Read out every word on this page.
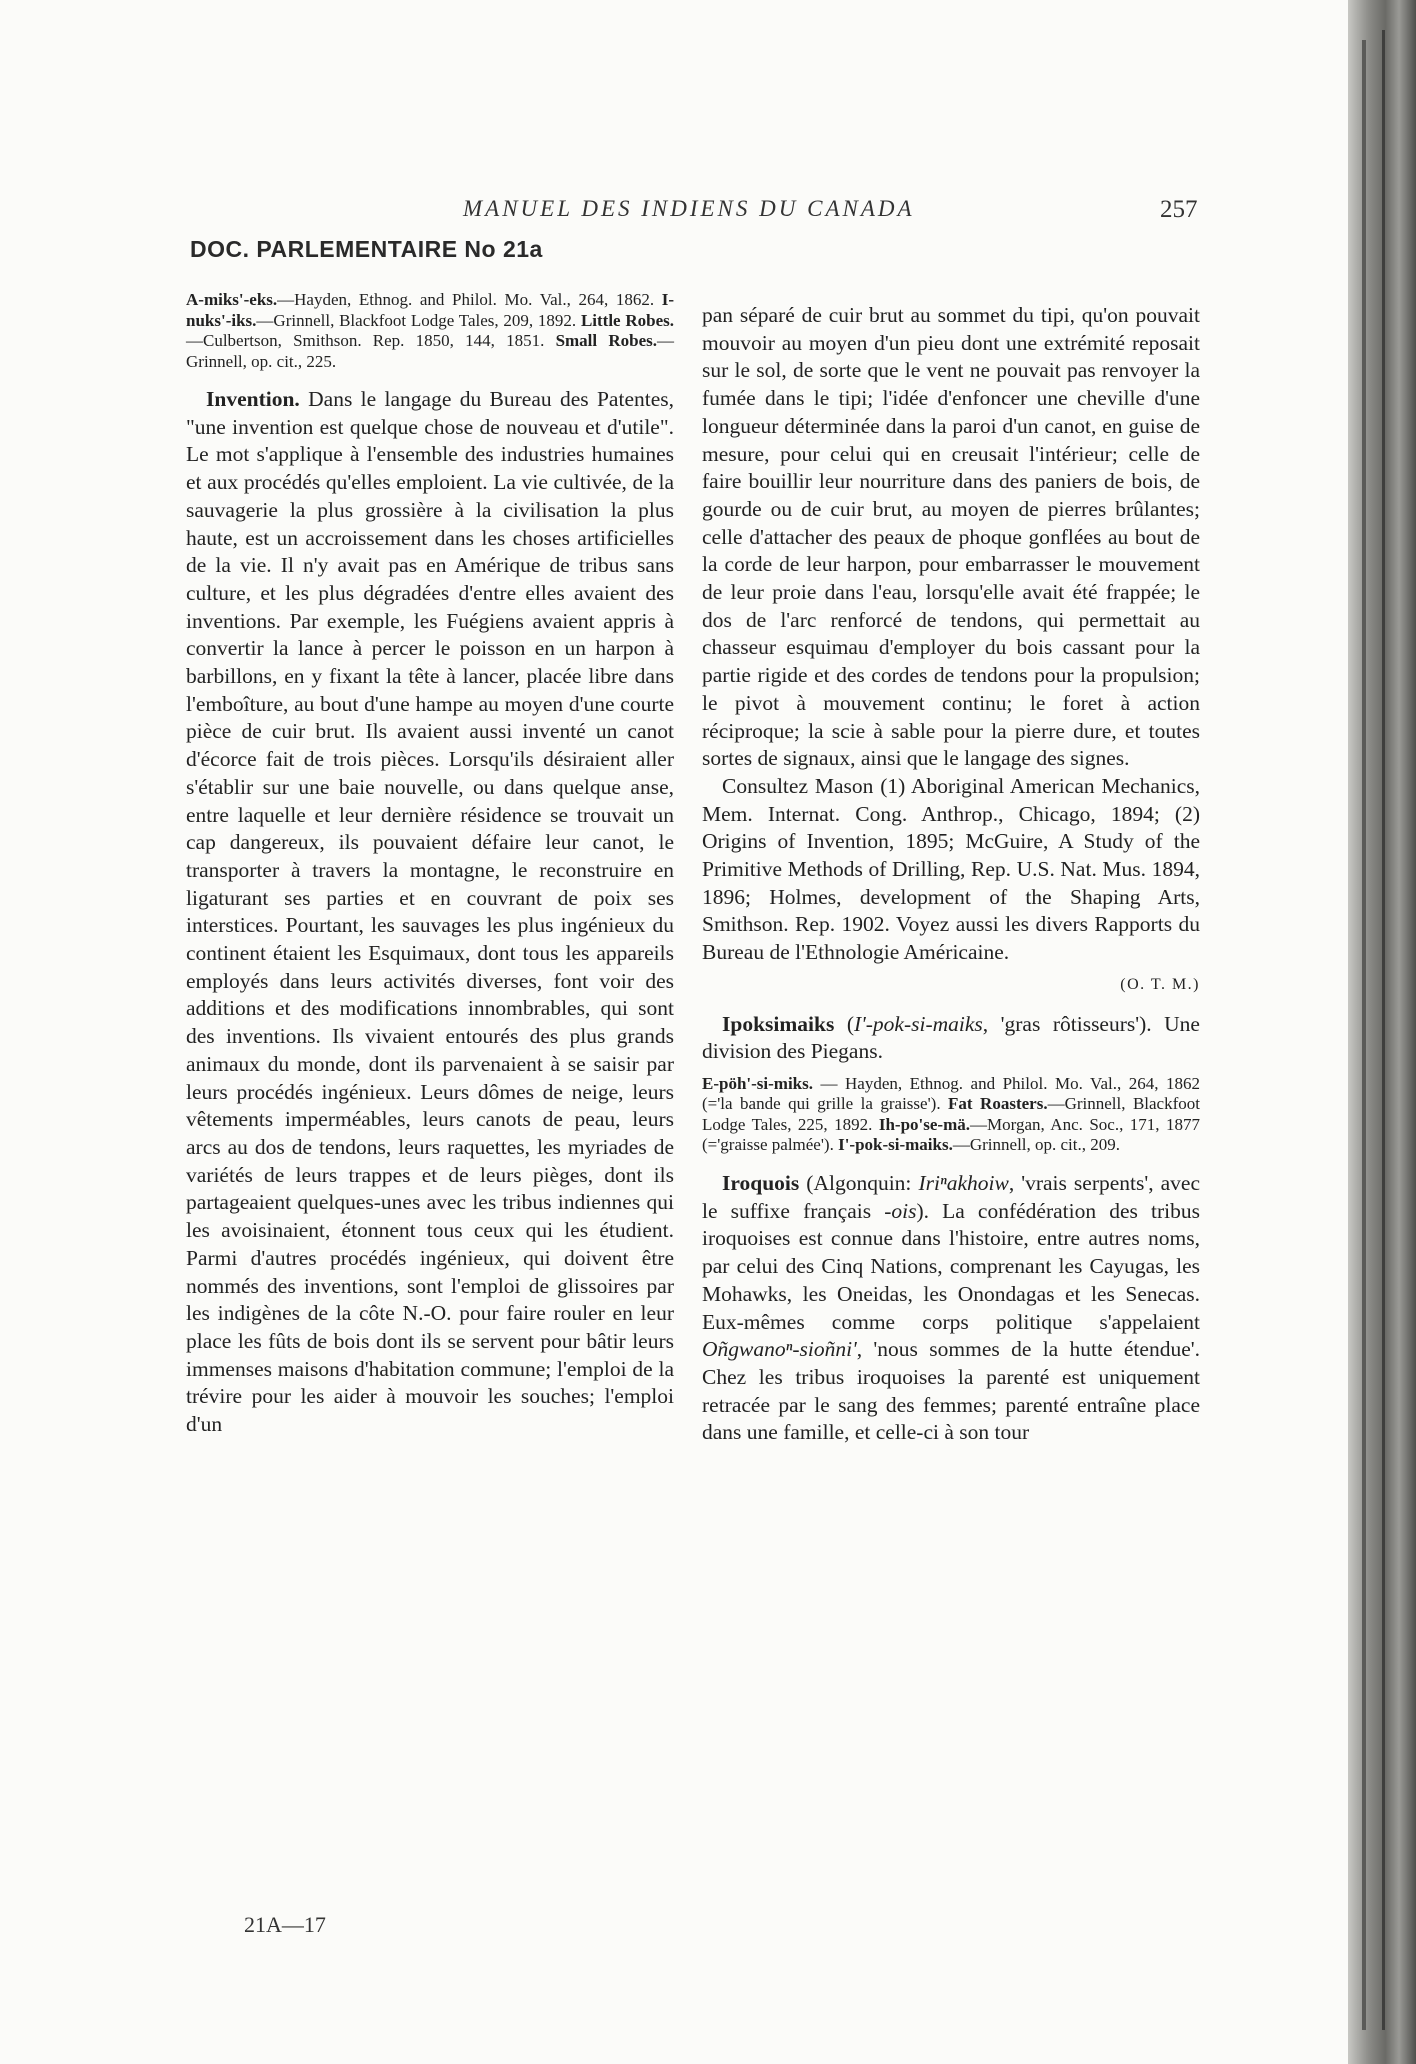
MANUEL DES INDIENS DU CANADA	257
DOC. PARLEMENTAIRE No 21a

A-miks'-eks.—Hayden, Ethnog. and Philol. Mo. Val., 264, 1862. I-nuks'-iks.—Grinnell, Blackfoot Lodge Tales, 209, 1892. Little Robes.—Culbertson, Smithson. Rep. 1850, 144, 1851. Small Robes.—Grinnell, op. cit., 225.

Invention. Dans le langage du Bureau des Patentes, "une invention est quelque chose de nouveau et d'utile". Le mot s'applique à l'ensemble des industries humaines et aux procédés qu'elles emploient. La vie cultivée, de la sauvagerie la plus grossière à la civilisation la plus haute, est un accroissement dans les choses artificielles de la vie. Il n'y avait pas en Amérique de tribus sans culture, et les plus dégradées d'entre elles avaient des inventions. Par exemple, les Fuégiens avaient appris à convertir la lance à percer le poisson en un harpon à barbillons, en y fixant la tête à lancer, placée libre dans l'emboîture, au bout d'une hampe au moyen d'une courte pièce de cuir brut. Ils avaient aussi inventé un canot d'écorce fait de trois pièces. Lorsqu'ils désiraient aller s'établir sur une baie nouvelle, ou dans quelque anse, entre laquelle et leur dernière résidence se trouvait un cap dangereux, ils pouvaient défaire leur canot, le transporter à travers la montagne, le reconstruire en ligaturant ses parties et en couvrant de poix ses interstices. Pourtant, les sauvages les plus ingénieux du continent étaient les Esquimaux, dont tous les appareils employés dans leurs activités diverses, font voir des additions et des modifications innombrables, qui sont des inventions. Ils vivaient entourés des plus grands animaux du monde, dont ils parvenaient à se saisir par leurs procédés ingénieux. Leurs dômes de neige, leurs vêtements imperméables, leurs canots de peau, leurs arcs au dos de tendons, leurs raquettes, les myriades de variétés de leurs trappes et de leurs pièges, dont ils partageaient quelques-unes avec les tribus indiennes qui les avoisinaient, étonnent tous ceux qui les étudient. Parmi d'autres procédés ingénieux, qui doivent être nommés des inventions, sont l'emploi de glissoires par les indigènes de la côte N.-O. pour faire rouler en leur place les fûts de bois dont ils se servent pour bâtir leurs immenses maisons d'habitation commune; l'emploi de la trévire pour les aider à mouvoir les souches; l'emploi d'un

pan séparé de cuir brut au sommet du tipi, qu'on pouvait mouvoir au moyen d'un pieu dont une extrémité reposait sur le sol, de sorte que le vent ne pouvait pas renvoyer la fumée dans le tipi; l'idée d'enfoncer une cheville d'une longueur déterminée dans la paroi d'un canot, en guise de mesure, pour celui qui en creusait l'intérieur; celle de faire bouillir leur nourriture dans des paniers de bois, de gourde ou de cuir brut, au moyen de pierres brûlantes; celle d'attacher des peaux de phoque gonflées au bout de la corde de leur harpon, pour embarrasser le mouvement de leur proie dans l'eau, lorsqu'elle avait été frappée; le dos de l'arc renforcé de tendons, qui permettait au chasseur esquimau d'employer du bois cassant pour la partie rigide et des cordes de tendons pour la propulsion; le pivot à mouvement continu; le foret à action réciproque; la scie à sable pour la pierre dure, et toutes sortes de signaux, ainsi que le langage des signes.

Consultez Mason (1) Aboriginal American Mechanics, Mem. Internat. Cong. Anthrop., Chicago, 1894; (2) Origins of Invention, 1895; McGuire, A Study of the Primitive Methods of Drilling, Rep. U.S. Nat. Mus. 1894, 1896; Holmes, development of the Shaping Arts, Smithson. Rep. 1902. Voyez aussi les divers Rapports du Bureau de l'Ethnologie Américaine.

(O. T. M.)

Ipoksimaiks (I'-pok-si-maiks, 'gras rôtisseurs'). Une division des Piegans.

E-pöh'-si-miks. — Hayden, Ethnog. and Philol. Mo. Val., 264, 1862 (='la bande qui grille la graisse'). Fat Roasters.—Grinnell, Blackfoot Lodge Tales, 225, 1892. Ih-po'se-mä.—Morgan, Anc. Soc., 171, 1877 (='graisse palmée'). I'-pok-si-maiks.—Grinnell, op. cit., 209.

Iroquois (Algonquin: Iriⁿakhoiw, 'vrais serpents', avec le suffixe français -ois). La confédération des tribus iroquoises est connue dans l'histoire, entre autres noms, par celui des Cinq Nations, comprenant les Cayugas, les Mohawks, les Oneidas, les Onondagas et les Senecas. Eux-mêmes comme corps politique s'appelaient Oñgwanoⁿ-sioñni', 'nous sommes de la hutte étendue'. Chez les tribus iroquoises la parenté est uniquement retracée par le sang des femmes; parenté entraîne place dans une famille, et celle-ci à son tour

21A—17
